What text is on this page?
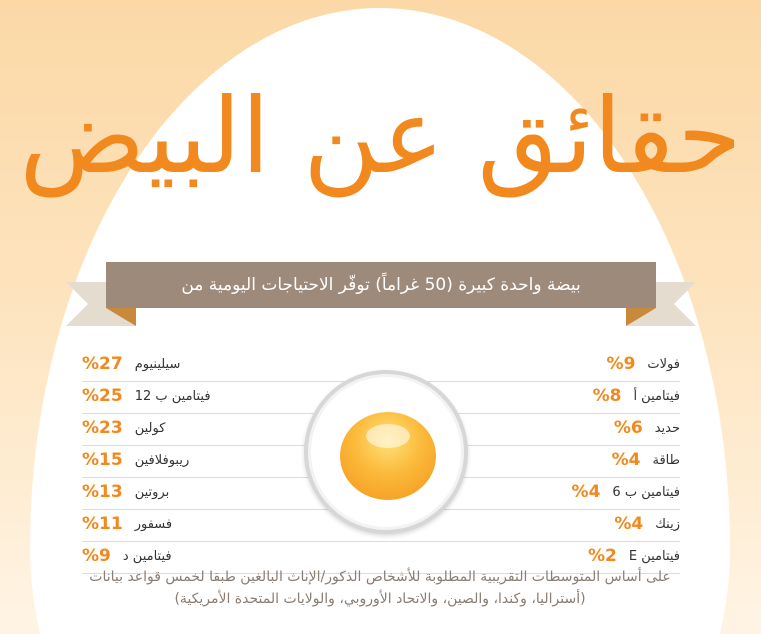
حقائق عن البيض
بيضة واحدة كبيرة (50 غراماً) توفّر الاحتياجات اليومية من
%9 فولات
%27 سيلينيوم
%8 فيتامين أ
%25 فيتامين ب 12
%6 حديد
%23 كولين
%4 طاقة
%15 ريبوفلافين
%4 فيتامين ب 6
%13 بروتين
%4 زينك
%11 فسفور
%2 فيتامين E
%9 فيتامين د
على أساس المتوسطات التقريبية المطلوبة للأشخاص الذكور/الإناث البالغين طبقا لخمس قواعد بيانات
(أستراليا، وكندا، والصين، والاتحاد الأوروبي، والولايات المتحدة الأمريكية)
